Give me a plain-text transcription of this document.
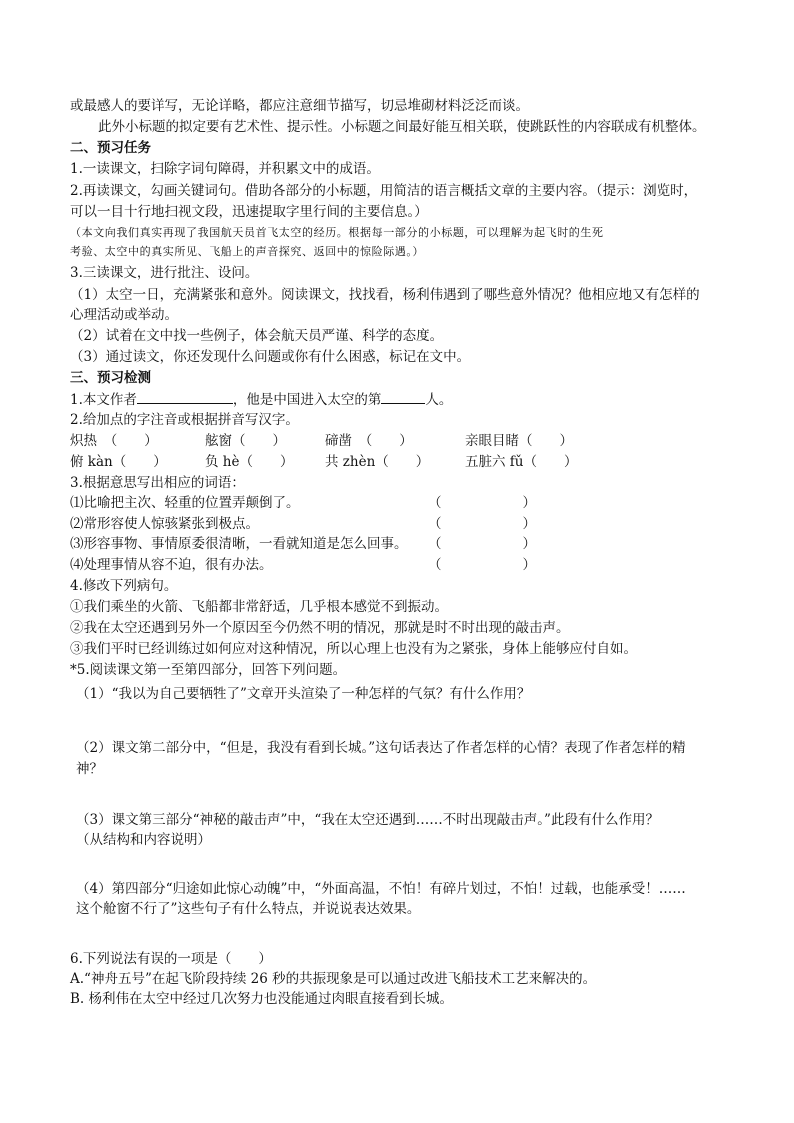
或最感人的要详写，无论详略，都应注意细节描写，切忌堆砌材料泛泛而谈。
此外小标题的拟定要有艺术性、提示性。小标题之间最好能互相关联，使跳跃性的内容联成有机整体。
二、预习任务
1.一读课文，扫除字词句障碍，并积累文中的成语。
2.再读课文，勾画关键词句。借助各部分的小标题，用简洁的语言概括文章的主要内容。（提示：浏览时，
可以一目十行地扫视文段，迅速提取字里行间的主要信息。）
（本文向我们真实再现了我国航天员首飞太空的经历。根据每一部分的小标题，可以理解为起飞时的生死
考验、太空中的真实所见、飞船上的声音探究、返回中的惊险际遇。）
3.三读课文，进行批注、设问。
（1）太空一日，充满紧张和意外。阅读课文，找找看，杨利伟遇到了哪些意外情况？他相应地又有怎样的
心理活动或举动。
（2）试着在文中找一些例子，体会航天员严谨、科学的态度。
（3）通过读文，你还发现什么问题或你有什么困惑，标记在文中。
三、预习检测
1.本文作者	，他是中国进入太空的第	人。
2.给加点的字注音或根据拼音写汉字。
炽热　（　　）	舷窗（　　）	碲凿　（　　）	亲眼目睹（　　）
俯 kàn（　　）	负 hè（　　） 共 zhèn（　　）	五脏六 fǔ（　　）
3.根据意思写出相应的词语：
⑴比喻把主次、轻重的位置弄颠倒了。	（　　　　　　）
⑵常形容使人惊骇紧张到极点。	（　　　　　　）
⑶形容事物、事情原委很清晰，一看就知道是怎么回事。 （　　　　　　）
⑷处理事情从容不迫，很有办法。	（　　　　　　）
4.修改下列病句。
①我们乘坐的火箭、飞船都非常舒适，几乎根本感觉不到振动。
②我在太空还遇到另外一个原因至今仍然不明的情况，那就是时不时出现的敲击声。
③我们平时已经训练过如何应对这种情况，所以心理上也没有为之紧张，身体上能够应付自如。
*5.阅读课文第一至第四部分，回答下列问题。
（1）“我以为自己要牺牲了”文章开头渲染了一种怎样的气氛？有什么作用？
（2）课文第二部分中，“但是，我没有看到长城。”这句话表达了作者怎样的心情？表现了作者怎样的精
神？
（3）课文第三部分“神秘的敲击声”中，“我在太空还遇到……不时出现敲击声。”此段有什么作用？
（从结构和内容说明）
（4）第四部分“归途如此惊心动魄”中，“外面高温，不怕！有碎片划过，不怕！过载，也能承受！……
这个舱窗不行了”这些句子有什么特点，并说说表达效果。
6.下列说法有误的一项是（　　）
A.“神舟五号”在起飞阶段持续 26 秒的共振现象是可以通过改进飞船技术工艺来解决的。
B. 杨利伟在太空中经过几次努力也没能通过肉眼直接看到长城。
